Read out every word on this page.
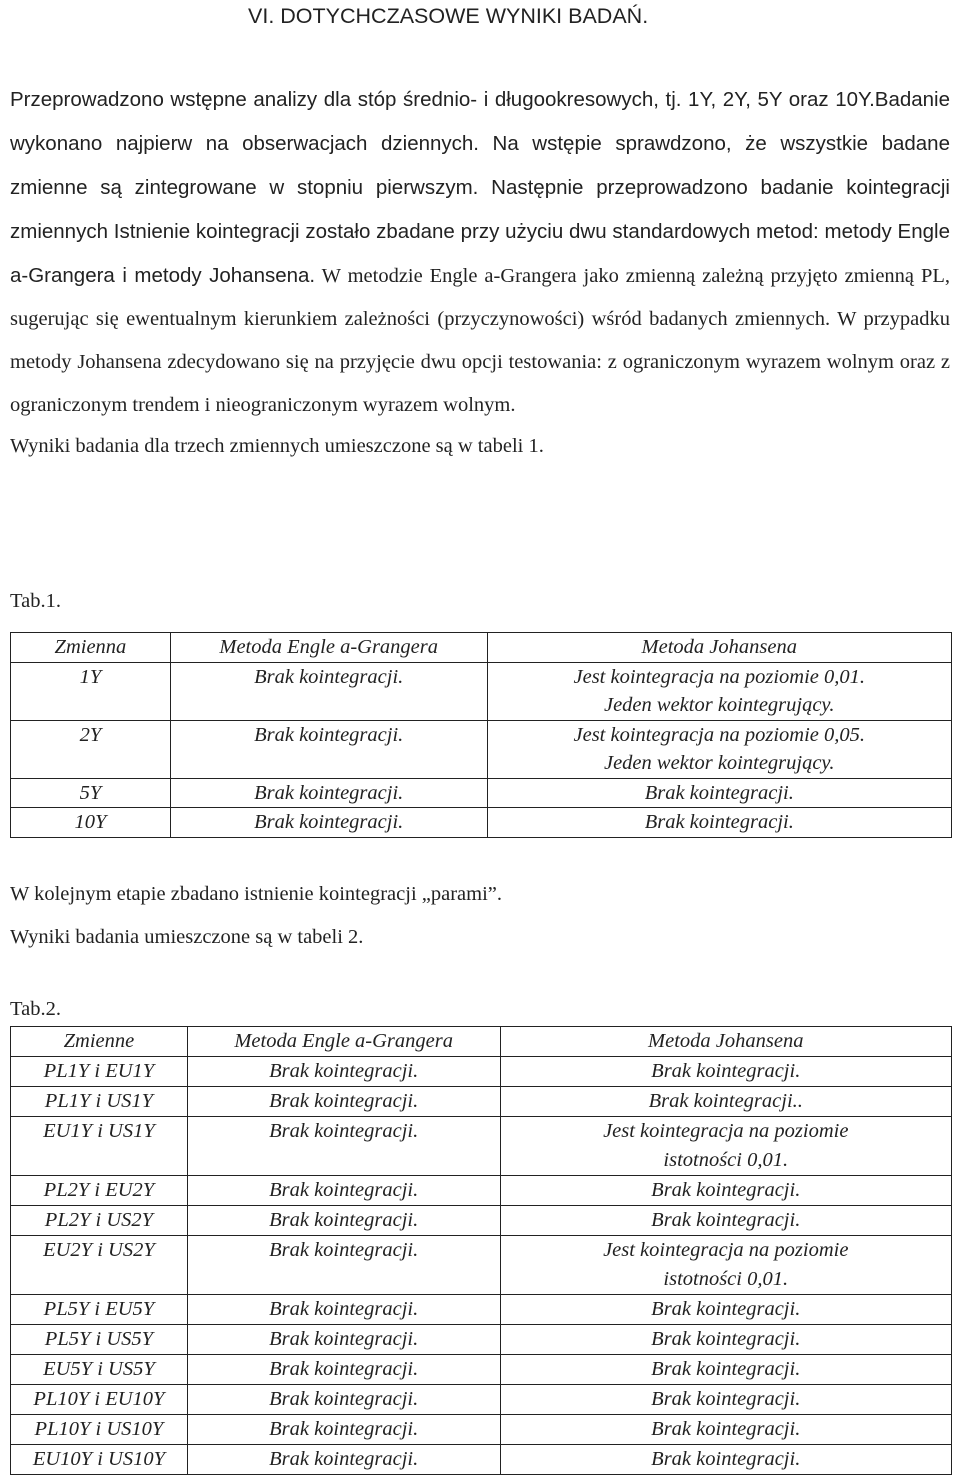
VI. DOTYCHCZASOWE WYNIKI BADAŃ.

Przeprowadzono wstępne analizy dla stóp średnio- i długookresowych, tj. 1Y, 2Y, 5Y oraz 10Y.Badanie wykonano najpierw na obserwacjach dziennych. Na wstępie sprawdzono, że wszystkie badane zmienne są zintegrowane w stopniu pierwszym. Następnie przeprowadzono badanie kointegracji zmiennych Istnienie kointegracji zostało zbadane przy użyciu dwu standardowych metod: metody Engle a-Grangera i metody Johansena. W metodzie Engle a-Grangera jako zmienną zależną przyjęto zmienną PL, sugerując się ewentualnym kierunkiem zależności (przyczynowości) wśród badanych zmiennych. W przypadku metody Johansena zdecydowano się na przyjęcie dwu opcji testowania: z ograniczonym wyrazem wolnym oraz z ograniczonym trendem i nieograniczonym wyrazem wolnym.

Wyniki badania dla trzech zmiennych umieszczone są w tabeli 1.

Tab.1.
Zmienna	Metoda Engle a-Grangera	Metoda Johansena
1Y	Brak kointegracji.	Jest kointegracja na poziomie 0,01.
Jeden wektor kointegrujący.

2Y	Brak kointegracji.	Jest kointegracja na poziomie 0,05.
Jeden wektor kointegrujący.

5Y	Brak kointegracji.	Brak kointegracji.
10Y	Brak kointegracji.	Brak kointegracji.
W kolejnym etapie zbadano istnienie kointegracji „parami”.
Wyniki badania umieszczone są w tabeli 2.
Tab.2.
Zmienne	Metoda Engle a-Grangera	Metoda Johansena
PL1Y i EU1Y	Brak kointegracji.	Brak kointegracji.

PL1Y i US1Y	Brak kointegracji.	Brak kointegracji..

EU1Y i US1Y	Brak kointegracji.	Jest kointegracja na poziomie
istotności 0,01.

PL2Y i EU2Y	Brak kointegracji.	Brak kointegracji.

PL2Y i US2Y	Brak kointegracji.	Brak kointegracji.

EU2Y i US2Y	Brak kointegracji.	Jest kointegracja na poziomie
istotności 0,01.

PL5Y i EU5Y	Brak kointegracji.	Brak kointegracji.

PL5Y i US5Y	Brak kointegracji.	Brak kointegracji.

EU5Y i US5Y	Brak kointegracji.	Brak kointegracji.

PL10Y i EU10Y	Brak kointegracji.	Brak kointegracji.

PL10Y i US10Y	Brak kointegracji.	Brak kointegracji.

EU10Y i US10Y	Brak kointegracji.	Brak kointegracji.
